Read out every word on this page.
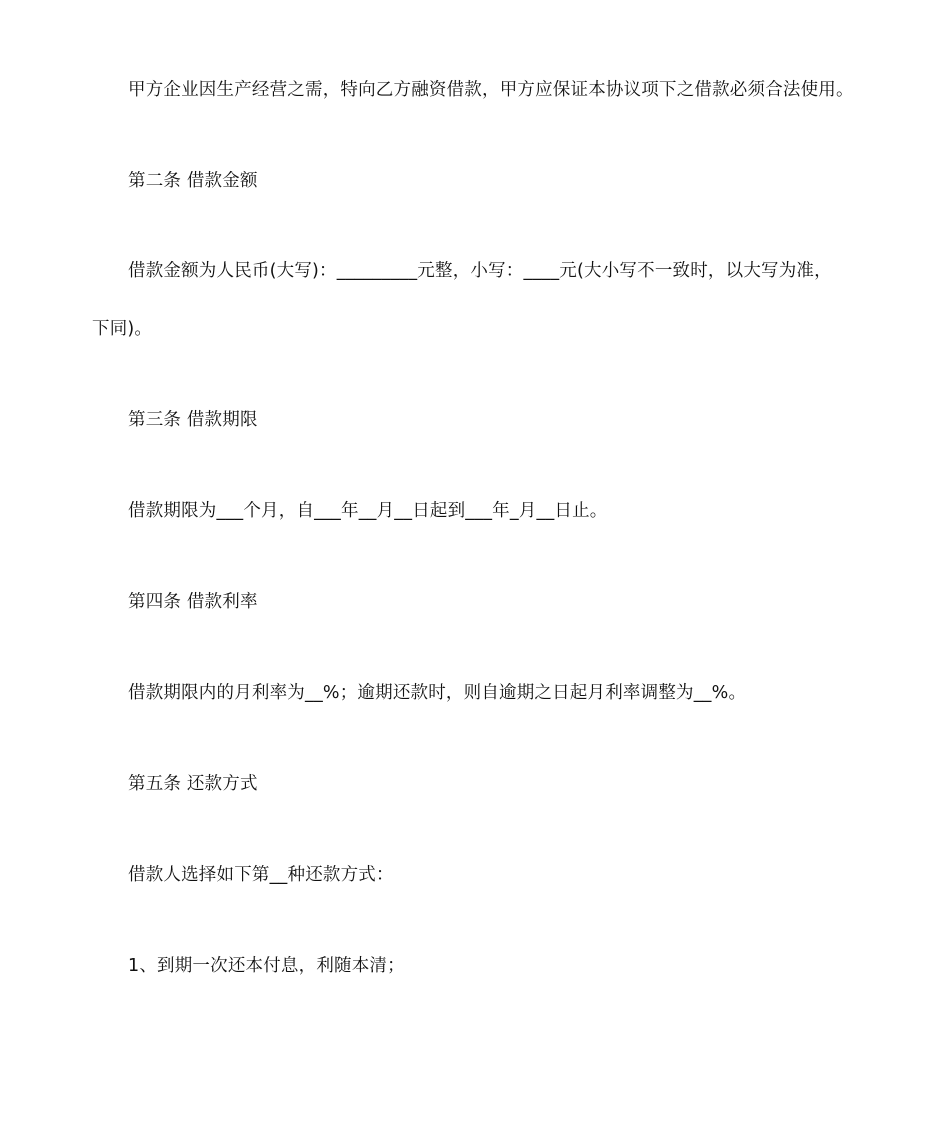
甲方企业因生产经营之需，特向乙方融资借款，甲方应保证本协议项下之借款必须合法使用。
第二条 借款金额
借款金额为人民币(大写)：_________元整，小写：____元(大小写不一致时，以大写为准，
下同)。
第三条 借款期限
借款期限为___个月，自___年__月__日起到___年_月__日止。
第四条 借款利率
借款期限内的月利率为__%；逾期还款时，则自逾期之日起月利率调整为__%。
第五条 还款方式
借款人选择如下第__种还款方式：
1、到期一次还本付息，利随本清；
